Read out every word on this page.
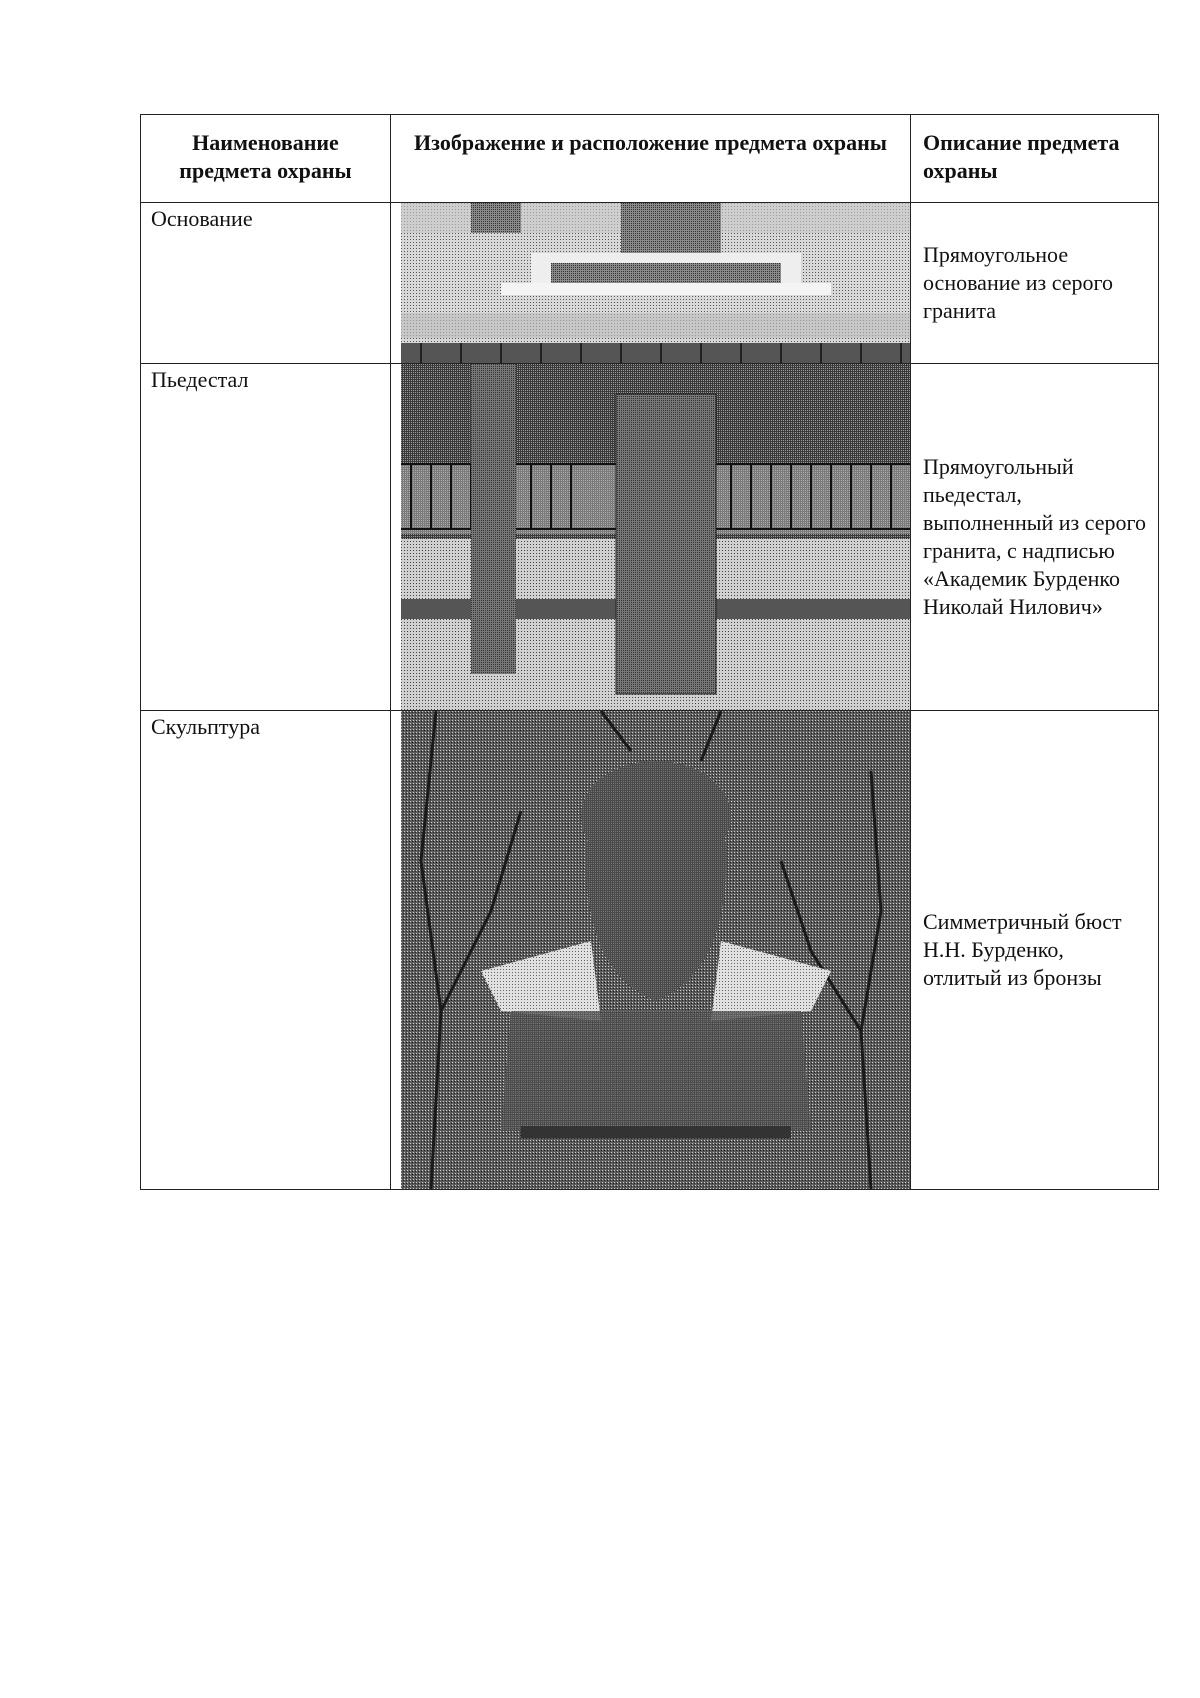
Наименование предмета охраны	Изображение и расположение предмета охраны	Описание предмета охраны
Основание		Прямоугольное основание из серого гранита
Пьедестал		Прямоугольный пьедестал, выполненный из серого гранита, с надписью «Академик Бурденко Николай Нилович»
Скульптура		Симметричный бюст Н.Н. Бурденко, отлитый из бронзы
